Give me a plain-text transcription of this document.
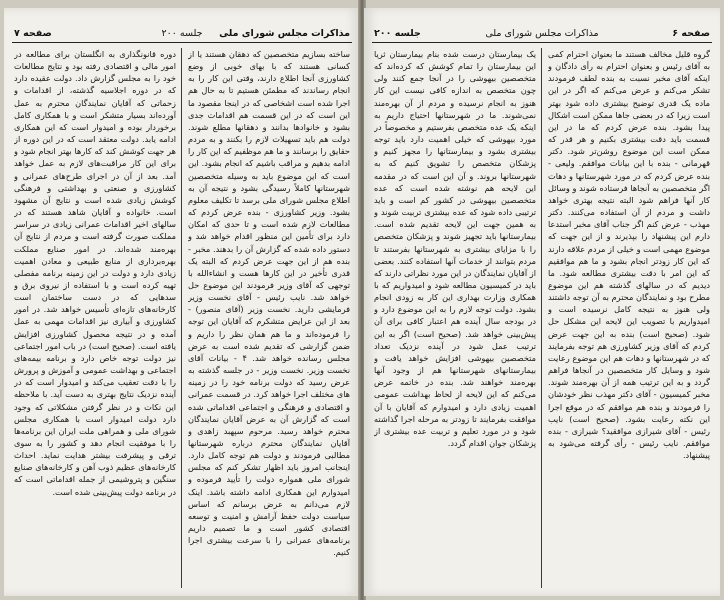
مذاکرات مجلس شورای ملی
جلسه ۲۰۰
صفحه ۷

ساخته بسازیم متخصصین که دهقان هستند یا از کسانی هستند که با بهای خوبی از وضع کشاورزی آنجا اطلاع دارند، وقتی این کار را به انجام رساندند که مطمئن هستیم تا به حال هم اجرا شده است اشخاصی که در اینجا مقصود ما این است که در این قسمت هم اقدامات جدی بشود و خانوادها بدانند و دهقانها مطلع شوند. دولت هم باید تسهیلات لازم را بکنند و به مردم حقایق را برسانند و ما هم موظفیم که این کار را ادامه بدهیم و مراقب باشیم که انجام بشود. این است که این موضوع باید به وسیله متخصصین شهرستانها کاملاً رسیدگی بشود و نتیجه آن به اطلاع مجلس شورای ملی برسد تا تکلیف معلوم بشود. وزیر کشاورزی - بنده عرض کردم که مطالعات لازم شده است و تا حدی که امکان دارد برای تأمین این منظور اقدام خواهد شد و دستور داده شده که گزارش آن را بدهند. مخبر - بنده هم از این جهت عرض کردم که البته یک قدری تأخیر در این کارها هست و انشاءالله با توجهی که آقای وزیر فرمودند این موضوع حل خواهد شد. نایب رئیس - آقای نخست وزیر فرمایشی دارید. نخست وزیر (آقای منصور) - بعد از این عرایض متشکرم که آقایان این توجه را فرموده‌اند و ما هم همان نظر را داریم و ضمن گزارشی که تقدیم شده است به عرض مجلس رسانده خواهد شد. ۴ - بیانات آقای نخست وزیر. نخست وزیر - در جلسه گذشته به عرض رسید که دولت برنامه خود را در زمینه های مختلف اجرا خواهد کرد. در قسمت عمرانی و اقتصادی و فرهنگی و اجتماعی اقداماتی شده است که گزارش آن به عرض آقایان نمایندگان محترم خواهد رسید. مرحوم سپهبد زاهدی و آقایان نمایندگان محترم درباره شهرستانها مطالبی فرمودند و دولت هم توجه کامل دارد. اینجانب امروز باید اظهار تشکر کنم که مجلس شورای ملی همواره دولت را تأیید فرموده و امیدوارم این همکاری ادامه داشته باشد. اینک لازم می‌دانم به عرض برسانم که اساس سیاست دولت حفظ آرامش و امنیت و توسعه اقتصادی کشور است و ما تصمیم داریم برنامه‌های عمرانی را با سرعت بیشتری اجرا کنیم.

دوره قانونگذاری به انگلستان برای مطالعه در امور مالی و اقتصادی رفته بود و نتایج مطالعات خود را به مجلس گزارش داد. دولت عقیده دارد که در دوره اجلاسیه گذشته، از اقدامات و زحماتی که آقایان نمایندگان محترم به عمل آورده‌اند بسیار متشکر است و با همکاری کامل برخوردار بوده و امیدوار است که این همکاری ادامه یابد. دولت معتقد است که در این دوره از هر جهت کوشش کند که کارها بهتر انجام شود و برای این کار مراقبت‌های لازم به عمل خواهد آمد. بعد از آن در اجرای طرح‌های عمرانی و کشاورزی و صنعتی و بهداشتی و فرهنگی کوشش زیادی شده است و نتایج آن مشهود است. خانواده و آقایان شاهد هستند که در سالهای اخیر اقدامات عمرانی زیادی در سراسر مملکت صورت گرفته است و مردم از نتایج آن بهره‌مند شده‌اند. در امور صنایع مملکت بهره‌برداری از منابع طبیعی و معادن اهمیت زیادی دارد و دولت در این زمینه برنامه مفصلی تهیه کرده است و با استفاده از نیروی برق و سدهایی که در دست ساختمان است کارخانه‌های تازه‌ای تأسیس خواهد شد. در امور کشاورزی و آبیاری نیز اقدامات مهمی به عمل آمده و در نتیجه محصول کشاورزی افزایش یافته است. (صحیح است) در باب امور اجتماعی نیز دولت توجه خاص دارد و برنامه بیمه‌های اجتماعی و بهداشت عمومی و آموزش و پرورش را با دقت تعقیب می‌کند و امیدوار است که در آینده نزدیک نتایج بهتری به دست آید. با ملاحظه این نکات و در نظر گرفتن مشکلاتی که وجود دارد دولت امیدوار است با همکاری مجلس شورای ملی و همراهی ملت ایران این برنامه‌ها را با موفقیت انجام دهد و کشور را به سوی ترقی و پیشرفت بیشتر هدایت نماید. احداث کارخانه‌های عظیم ذوب آهن و کارخانه‌های صنایع سنگین و پتروشیمی از جمله اقداماتی است که در برنامه دولت پیش‌بینی شده است.

صفحه ۶
مذاکرات مجلس شورای ملی
جلسه ۲۰۰

گروه قلیل مخالف هستند ما بعنوان احترام کمی به آقای رئیس و بعنوان احترام به رأی دادگان و اینکه آقای مخبر نسبت به بنده لطف فرمودند تشکر می‌کنم و عرض می‌کنم که اگر در این ماده یک قدری توضیح بیشتری داده شود بهتر است زیرا که در بعضی جاها ممکن است اشکال پیدا بشود. بنده عرض کردم که ما در این قسمت باید دقت بیشتری بکنیم و هر قدر که ممکن است این موضوع روشن‌تر شود. دکتر قهرمانی - بنده با این بیانات موافقم. ولیعی - بنده عرض کردم که در مورد شهرستانها و دهات اگر متخصصین به آنجاها فرستاده شوند و وسائل کار آنها فراهم شود البته نتیجه بهتری خواهد داشت و مردم از آن استفاده می‌کنند. دکتر مهذب - عرض کنم اگر جناب آقای مخبر استدعا دارم این پیشنهاد را بپذیرند و از این جهت که موضوع مهمی است و خیلی از مردم علاقه دارند که این کار زودتر انجام بشود و ما هم موافقیم که این امر با دقت بیشتری مطالعه شود. ما دیدیم که در سالهای گذشته هم این موضوع مطرح بود و نمایندگان محترم به آن توجه داشتند ولی هنوز به نتیجه کامل نرسیده است و امیدواریم با تصویب این لایحه این مشکل حل شود. (صحیح است) بنده به این جهت عرض کردم که آقای وزیر کشاورزی هم توجه بفرمایند که در شهرستانها و دهات هم این موضوع رعایت شود و وسایل کار متخصصین در آنجاها فراهم گردد و به این ترتیب همه از آن بهره‌مند شوند. مخبر کمیسیون - آقای دکتر مهذب نظر خودشان را فرمودند و بنده هم موافقم که در موقع اجرا این نکته رعایت بشود. (صحیح است) نایب رئیس - آقای شیرازی موافقید؟ شیرازی - بنده موافقم. نایب رئیس - رأی گرفته می‌شود به پیشنهاد.

یک بیمارستان درست شده بنام بیمارستان ثریا این بیمارستان را تمام کوشش که کرده‌اند که متخصصین بیهوشی را در آنجا جمع کنند ولی چون متخصص به اندازه کافی نیست این کار هنوز به انجام نرسیده و مردم از آن بهره‌مند نمی‌شوند. ما در شهرستانها احتیاج داریم به اینکه یک عده متخصص بفرستیم و مخصوصاً در مورد بیهوشی که خیلی اهمیت دارد باید توجه بیشتری بشود و بیمارستانها را مجهز کنیم و پزشکان متخصص را تشویق کنیم که به شهرستانها بروند. و آن این است که در مقدمه این لایحه هم نوشته شده است که عده متخصصین بیهوشی در کشور کم است و باید ترتیبی داده شود که عده بیشتری تربیت شوند و به همین جهت این لایحه تقدیم شده است. بیمارستانها باید تجهیز شوند و پزشکان متخصص را با مزایای بیشتری به شهرستانها بفرستند تا مردم بتوانند از خدمات آنها استفاده کنند. بعضی از آقایان نمایندگان در این مورد نظراتی دارند که باید در کمیسیون مطالعه شود و امیدواریم که با همکاری وزارت بهداری این کار به زودی انجام بشود. دولت توجه لازم را به این موضوع دارد و در بودجه سال آینده هم اعتبار کافی برای آن پیش‌بینی خواهد شد. (صحیح است) اگر به این ترتیب عمل شود در آینده نزدیک تعداد متخصصین بیهوشی افزایش خواهد یافت و بیمارستانهای شهرستانها هم از وجود آنها بهره‌مند خواهند شد. بنده در خاتمه عرض می‌کنم که این لایحه از لحاظ بهداشت عمومی اهمیت زیادی دارد و امیدوارم که آقایان با آن موافقت بفرمایند تا زودتر به مرحله اجرا گذاشته شود و در مورد تعلیم و تربیت عده بیشتری از پزشکان جوان اقدام گردد.
